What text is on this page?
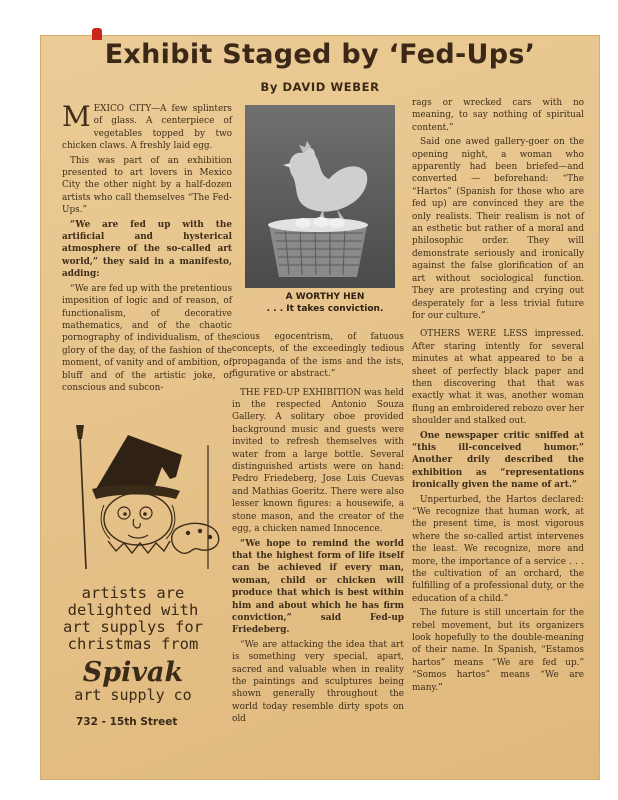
Exhibit Staged by ‘Fed-Ups’
By DAVID WEBER

MEXICO CITY—A few splinters of glass. A centerpiece of vegetables topped by two chicken claws. A freshly laid egg.

This was part of an exhibition presented to art lovers in Mexico City the other night by a half-dozen artists who call themselves “The Fed-Ups.”

“We are fed up with the artificial and hysterical atmosphere of the so-called art world,” they said in a manifesto, adding:

“We are fed up with the pretentious imposition of logic and of reason, of functionalism, of decorative mathematics, and of the chaotic pornography of individualism, of the glory of the day, of the fashion of the moment, of vanity and of ambition, of bluff and of the artistic joke, of conscious and subcon-

A WORTHY HEN
. . . It takes conviction.

scious egocentrism, of fatuous concepts, of the exceedingly tedious propaganda of the isms and the ists, figurative or abstract.”

THE FED-UP EXHIBITION was held in the respected Antonio Souza Gallery. A solitary oboe provided background music and guests were invited to refresh themselves with water from a large bottle. Several distinguished artists were on hand: Pedro Friedeberg, Jose Luis Cuevas and Mathias Goeritz. There were also lesser known figures: a housewife, a stone mason, and the creator of the egg, a chicken named Innocence.

“We hope to remind the world that the highest form of life itself can be achieved if every man, woman, child or chicken will produce that which is best within him and about which he has firm conviction,” said Fed-up Friedeberg.

“We are attacking the idea that art is something very special, apart, sacred and valuable when in reality the paintings and sculptures being shown generally throughout the world today resemble dirty spots on old

rags or wrecked cars with no meaning, to say nothing of spiritual content.”

Said one awed gallery-goer on the opening night, a woman who apparently had been briefed—and converted — beforehand: “The “Hartos” (Spanish for those who are fed up) are convinced they are the only realists. Their realism is not of an esthetic but rather of a moral and philosophic order. They will demonstrate seriously and ironically against the false glorification of an art without sociological function. They are protesting and crying out desperately for a less trivial future for our culture.”

OTHERS WERE LESS impressed. After staring intently for several minutes at what appeared to be a sheet of perfectly black paper and then discovering that that was exactly what it was, another woman flung an embroidered rebozo over her shoulder and stalked out.

One newspaper critic sniffed at “this ill-conceived humor.” Another drily described the exhibition as “representations ironically given the name of art.”

Unperturbed, the Hartos declared: “We recognize that human work, at the present time, is most vigorous where the so-called artist intervenes the least. We recognize, more and more, the importance of a service . . . the cultivation of an orchard, the fulfilling of a professional duty, or the education of a child.”

The future is still uncertain for the rebel movement, but its organizers look hopefully to the double-meaning of their name. In Spanish, “Estamos hartos” means “We are fed up.” “Somos hartos” means “We are many.”

artists are
delighted with
art supplys for
christmas from
Spivak
art supply co
732 - 15th Street
